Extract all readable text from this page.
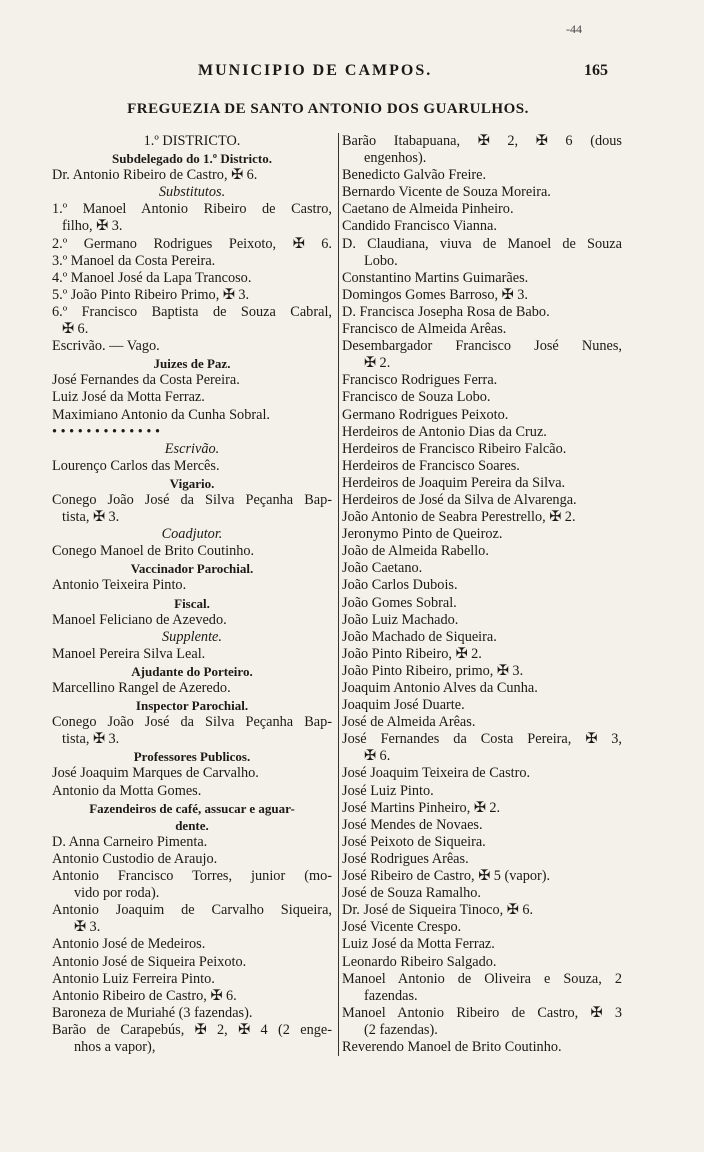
-44
MUNICIPIO DE CAMPOS.	165
FREGUEZIA DE SANTO ANTONIO DOS GUARULHOS.
1.º DISTRICTO.
Subdelegado do 1.º Districto.
Dr. Antonio Ribeiro de Castro, ✠ 6.
Substitutos.
1.º Manoel Antonio Ribeiro de Castro,
filho, ✠ 3.
2.º Germano Rodrigues Peixoto, ✠ 6.
3.º Manoel da Costa Pereira.
4.º Manoel José da Lapa Trancoso.
5.º João Pinto Ribeiro Primo, ✠ 3.
6.º Francisco Baptista de Souza Cabral,
✠ 6.
Escrivão. — Vago.
Juizes de Paz.
José Fernandes da Costa Pereira.
Luiz José da Motta Ferraz.
Maximiano Antonio da Cunha Sobral.
• • • • • • • • • • • • •
Escrivão.
Lourenço Carlos das Mercês.
Vigario.
Conego João José da Silva Peçanha Bap-
tista, ✠ 3.
Coadjutor.
Conego Manoel de Brito Coutinho.
Vaccinador Parochial.
Antonio Teixeira Pinto.
Fiscal.
Manoel Feliciano de Azevedo.
Supplente.
Manoel Pereira Silva Leal.
Ajudante do Porteiro.
Marcellino Rangel de Azeredo.
Inspector Parochial.
Conego João José da Silva Peçanha Bap-
tista, ✠ 3.
Professores Publicos.
José Joaquim Marques de Carvalho.
Antonio da Motta Gomes.
Fazendeiros de café, assucar e aguar-
dente.
D. Anna Carneiro Pimenta.
Antonio Custodio de Araujo.
Antonio Francisco Torres, junior (mo-
vido por roda).
Antonio Joaquim de Carvalho Siqueira,
✠ 3.
Antonio José de Medeiros.
Antonio José de Siqueira Peixoto.
Antonio Luiz Ferreira Pinto.
Antonio Ribeiro de Castro, ✠ 6.
Baroneza de Muriahé (3 fazendas).
Barão de Carapebús, ✠ 2, ✠ 4 (2 enge-
nhos a vapor),
Barão Itabapuana, ✠ 2, ✠ 6 (dous
engenhos).
Benedicto Galvão Freire.
Bernardo Vicente de Souza Moreira.
Caetano de Almeida Pinheiro.
Candido Francisco Vianna.
D. Claudiana, viuva de Manoel de Souza
Lobo.
Constantino Martins Guimarães.
Domingos Gomes Barroso, ✠ 3.
D. Francisca Josepha Rosa de Babo.
Francisco de Almeida Arêas.
Desembargador Francisco José Nunes,
✠ 2.
Francisco Rodrigues Ferra.
Francisco de Souza Lobo.
Germano Rodrigues Peixoto.
Herdeiros de Antonio Dias da Cruz.
Herdeiros de Francisco Ribeiro Falcão.
Herdeiros de Francisco Soares.
Herdeiros de Joaquim Pereira da Silva.
Herdeiros de José da Silva de Alvarenga.
João Antonio de Seabra Perestrello, ✠ 2.
Jeronymo Pinto de Queiroz.
João de Almeida Rabello.
João Caetano.
João Carlos Dubois.
João Gomes Sobral.
João Luiz Machado.
João Machado de Siqueira.
João Pinto Ribeiro, ✠ 2.
João Pinto Ribeiro, primo, ✠ 3.
Joaquim Antonio Alves da Cunha.
Joaquim José Duarte.
José de Almeida Arêas.
José Fernandes da Costa Pereira, ✠ 3,
✠ 6.
José Joaquim Teixeira de Castro.
José Luiz Pinto.
José Martins Pinheiro, ✠ 2.
José Mendes de Novaes.
José Peixoto de Siqueira.
José Rodrigues Arêas.
José Ribeiro de Castro, ✠ 5 (vapor).
José de Souza Ramalho.
Dr. José de Siqueira Tinoco, ✠ 6.
José Vicente Crespo.
Luiz José da Motta Ferraz.
Leonardo Ribeiro Salgado.
Manoel Antonio de Oliveira e Souza, 2
fazendas.
Manoel Antonio Ribeiro de Castro, ✠ 3
(2 fazendas).
Reverendo Manoel de Brito Coutinho.
